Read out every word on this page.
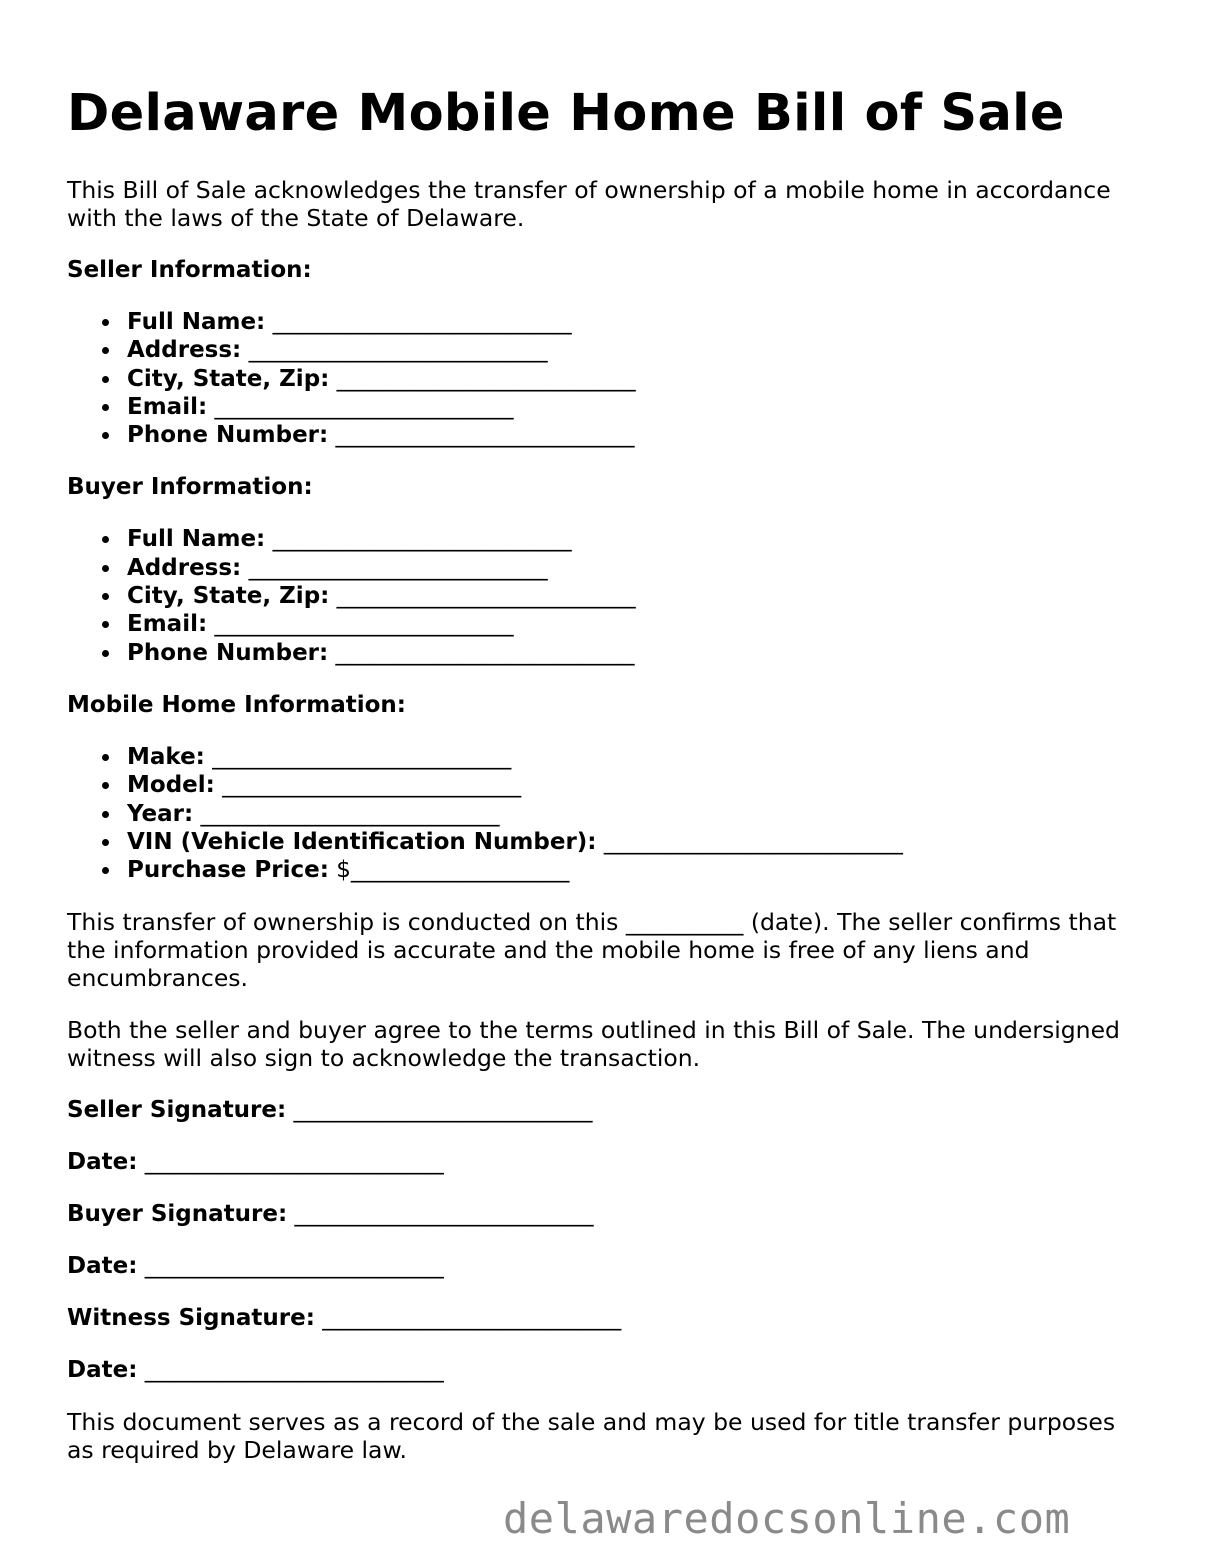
Delaware Mobile Home Bill of Sale

This Bill of Sale acknowledges the transfer of ownership of a mobile home in accordance with the laws of the State of Delaware.

Seller Information:

Full Name: __________________________
Address: __________________________
City, State, Zip: __________________________
Email: __________________________
Phone Number: __________________________

Buyer Information:

Full Name: __________________________
Address: __________________________
City, State, Zip: __________________________
Email: __________________________
Phone Number: __________________________

Mobile Home Information:

Make: __________________________
Model: __________________________
Year: __________________________
VIN (Vehicle Identification Number): __________________________
Purchase Price: $___________________

This transfer of ownership is conducted on this __________ (date). The seller confirms that the information provided is accurate and the mobile home is free of any liens and encumbrances.

Both the seller and buyer agree to the terms outlined in this Bill of Sale. The undersigned witness will also sign to acknowledge the transaction.

Seller Signature: __________________________

Date: __________________________

Buyer Signature: __________________________

Date: __________________________

Witness Signature: __________________________

Date: __________________________

This document serves as a record of the sale and may be used for title transfer purposes as required by Delaware law.

delawaredocsonline.com
